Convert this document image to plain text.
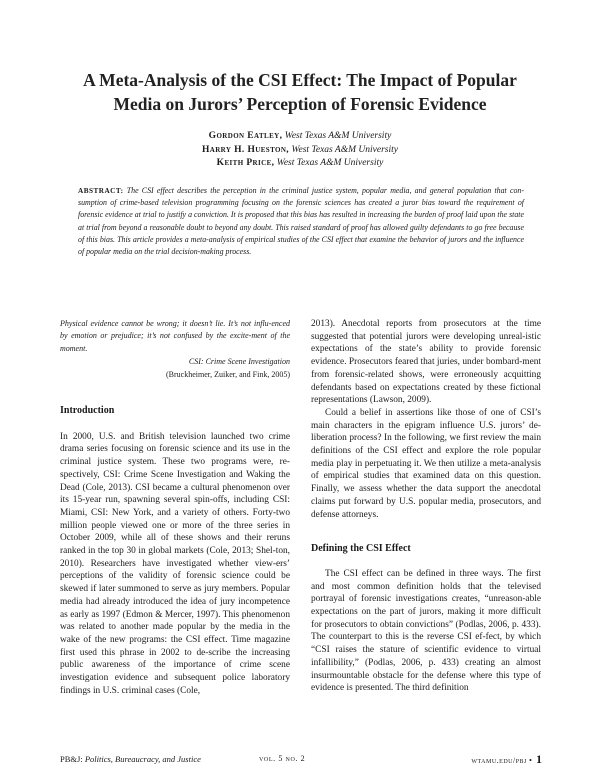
A Meta-Analysis of the CSI Effect: The Impact of Popular
Media on Jurors’ Perception of Forensic Evidence
Gordon Eatley, West Texas A&M University
Harry H. Hueston, West Texas A&M University
Keith Price, West Texas A&M University
ABSTRACT: The CSI effect describes the perception in the criminal justice system, popular media, and general population that con-sumption of crime-based television programming focusing on the forensic sciences has created a juror bias toward the requirement of forensic evidence at trial to justify a conviction. It is proposed that this bias has resulted in increasing the burden of proof laid upon the state at trial from beyond a reasonable doubt to beyond any doubt. This raised standard of proof has allowed guilty defendants to go free because of this bias. This article provides a meta-analysis of empirical studies of the CSI effect that examine the behavior of jurors and the influence of popular media on the trial decision-making process.

Physical evidence cannot be wrong; it doesn’t lie. It’s not influ-enced by emotion or prejudice; it’s not confused by the excite-ment of the moment.

CSI: Crime Scene Investigation
(Bruckheimer, Zuiker, and Fink, 2005)

Introduction

In 2000, U.S. and British television launched two crime drama series focusing on forensic science and its use in the criminal justice system. These two programs were, re-spectively, CSI: Crime Scene Investigation and Waking the Dead (Cole, 2013). CSI became a cultural phenomenon over its 15-year run, spawning several spin-offs, including CSI: Miami, CSI: New York, and a variety of others. Forty-two million people viewed one or more of the three series in October 2009, while all of these shows and their reruns ranked in the top 30 in global markets (Cole, 2013; Shel-ton, 2010). Researchers have investigated whether view-ers’ perceptions of the validity of forensic science could be skewed if later summoned to serve as jury members. Popular media had already introduced the idea of jury incompetence as early as 1997 (Edmon & Mercer, 1997). This phenomenon was related to another made popular by the media in the wake of the new programs: the CSI effect. Time magazine first used this phrase in 2002 to de-scribe the increasing public awareness of the importance of crime scene investigation evidence and subsequent police laboratory findings in U.S. criminal cases (Cole,

2013). Anecdotal reports from prosecutors at the time suggested that potential jurors were developing unreal-istic expectations of the state’s ability to provide forensic evidence. Prosecutors feared that juries, under bombard-ment from forensic-related shows, were erroneously acquitting defendants based on expectations created by these fictional representations (Lawson, 2009).

Could a belief in assertions like those of one of CSI’s main characters in the epigram influence U.S. jurors’ de-liberation process? In the following, we first review the main definitions of the CSI effect and explore the role popular media play in perpetuating it. We then utilize a meta-analysis of empirical studies that examined data on this question. Finally, we assess whether the data support the anecdotal claims put forward by U.S. popular media, prosecutors, and defense attorneys.

Defining the CSI Effect

The CSI effect can be defined in three ways. The first and most common definition holds that the televised portrayal of forensic investigations creates, “unreason-able expectations on the part of jurors, making it more difficult for prosecutors to obtain convictions” (Podlas, 2006, p. 433). The counterpart to this is the reverse CSI ef-fect, by which “CSI raises the stature of scientific evidence to virtual infallibility,” (Podlas, 2006, p. 433) creating an almost insurmountable obstacle for the defense where this type of evidence is presented. The third definition

PB&J: Politics, Bureaucracy, and Justice	vol. 5 no. 2	wtamu.edu/pbj • 1
